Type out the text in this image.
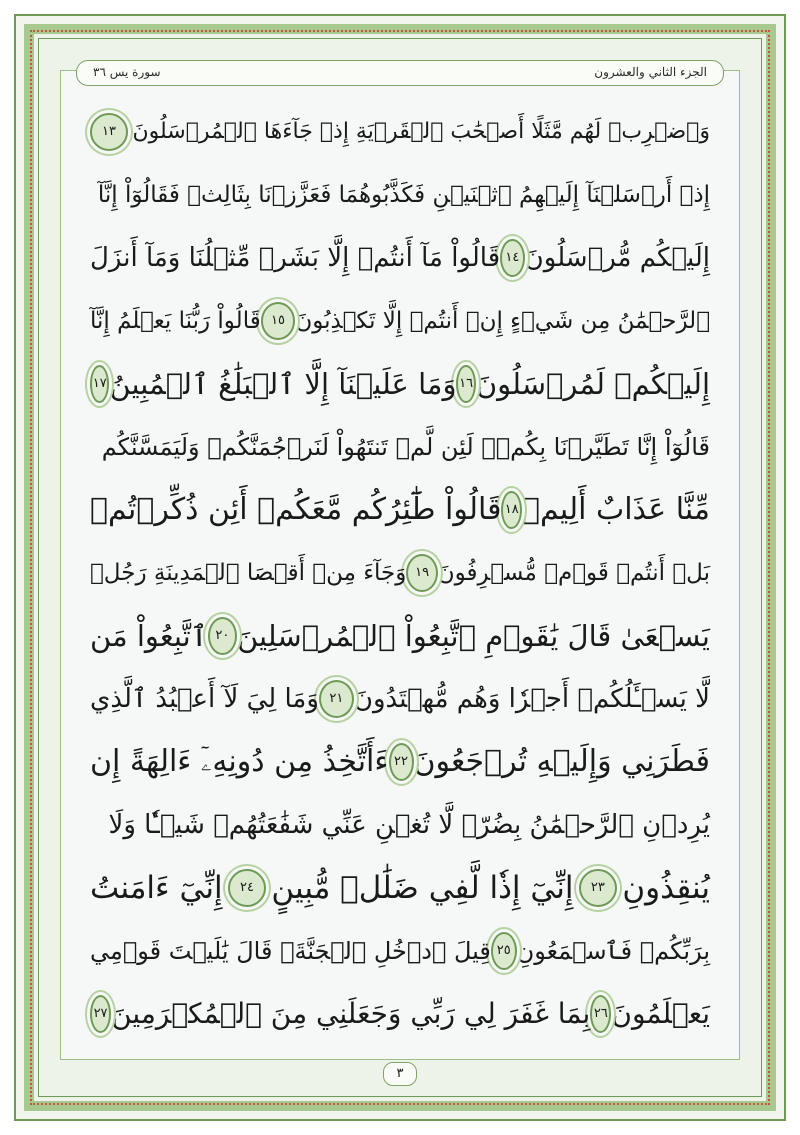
الجزء الثاني والعشرون
سورة يس ٣٦
وَٱضۡرِبۡ لَهُم مَّثَلًا أَصۡحَٰبَ ٱلۡقَرۡيَةِ إِذۡ جَآءَهَا ٱلۡمُرۡسَلُونَ
١٣
إِذۡ أَرۡسَلۡنَآ إِلَيۡهِمُ ٱثۡنَيۡنِ فَكَذَّبُوهُمَا فَعَزَّزۡنَا بِثَالِثٖ فَقَالُوٓاْ إِنَّآ
إِلَيۡكُم مُّرۡسَلُونَ
١٤
قَالُواْ مَآ أَنتُمۡ إِلَّا بَشَرٞ مِّثۡلُنَا وَمَآ أَنزَلَ
ٱلرَّحۡمَٰنُ مِن شَيۡءٍ إِنۡ أَنتُمۡ إِلَّا تَكۡذِبُونَ
١٥
قَالُواْ رَبُّنَا يَعۡلَمُ إِنَّآ
إِلَيۡكُمۡ لَمُرۡسَلُونَ
١٦
وَمَا عَلَيۡنَآ إِلَّا ٱلۡبَلَٰغُ ٱلۡمُبِينُ
١٧
قَالُوٓاْ إِنَّا تَطَيَّرۡنَا بِكُمۡۖ لَئِن لَّمۡ تَنتَهُواْ لَنَرۡجُمَنَّكُمۡ وَلَيَمَسَّنَّكُم
مِّنَّا عَذَابٌ أَلِيمٞ
١٨
قَالُواْ طَٰٓئِرُكُم مَّعَكُمۡ أَئِن ذُكِّرۡتُمۚ
بَلۡ أَنتُمۡ قَوۡمٞ مُّسۡرِفُونَ
١٩
وَجَآءَ مِنۡ أَقۡصَا ٱلۡمَدِينَةِ رَجُلٞ
يَسۡعَىٰ قَالَ يَٰقَوۡمِ ٱتَّبِعُواْ ٱلۡمُرۡسَلِينَ
٢٠
ٱتَّبِعُواْ مَن
لَّا يَسۡـَٔلُكُمۡ أَجۡرٗا وَهُم مُّهۡتَدُونَ
٢١
وَمَا لِيَ لَآ أَعۡبُدُ ٱلَّذِي
فَطَرَنِي وَإِلَيۡهِ تُرۡجَعُونَ
٢٢
ءَأَتَّخِذُ مِن دُونِهِۦٓ ءَالِهَةً إِن
يُرِدۡنِ ٱلرَّحۡمَٰنُ بِضُرّٖ لَّا تُغۡنِ عَنِّي شَفَٰعَتُهُمۡ شَيۡـٔٗا وَلَا
يُنقِذُونِ
٢٣
إِنِّيٓ إِذٗا لَّفِي ضَلَٰلٖ مُّبِينٍ
٢٤
إِنِّيٓ ءَامَنتُ
بِرَبِّكُمۡ فَٱسۡمَعُونِ
٢٥
قِيلَ ٱدۡخُلِ ٱلۡجَنَّةَۖ قَالَ يَٰلَيۡتَ قَوۡمِي
يَعۡلَمُونَ
٢٦
بِمَا غَفَرَ لِي رَبِّي وَجَعَلَنِي مِنَ ٱلۡمُكۡرَمِينَ
٢٧
٣
